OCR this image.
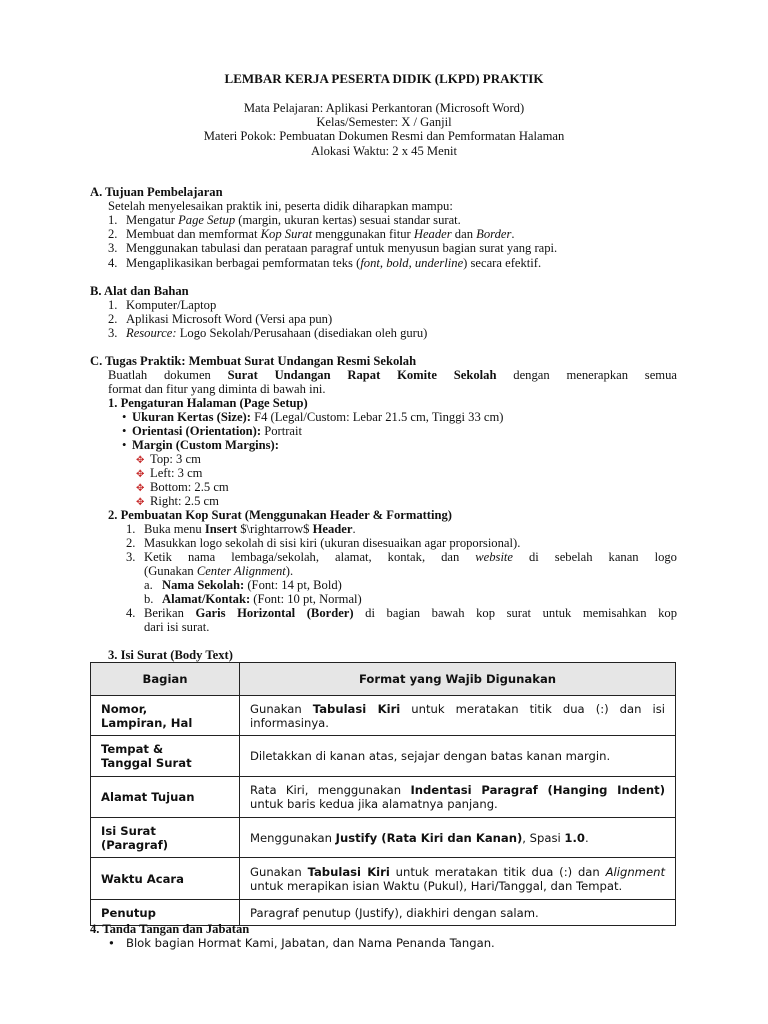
LEMBAR KERJA PESERTA DIDIK (LKPD) PRAKTIK
Mata Pelajaran: Aplikasi Perkantoran (Microsoft Word)
Kelas/Semester: X / Ganjil
Materi Pokok: Pembuatan Dokumen Resmi dan Pemformatan Halaman
Alokasi Waktu: 2 x 45 Menit
A. Tujuan Pembelajaran
Setelah menyelesaikan praktik ini, peserta didik diharapkan mampu:
1. Mengatur Page Setup (margin, ukuran kertas) sesuai standar surat.
2. Membuat dan memformat Kop Surat menggunakan fitur Header dan Border.
3. Menggunakan tabulasi dan perataan paragraf untuk menyusun bagian surat yang rapi.
4. Mengaplikasikan berbagai pemformatan teks (font, bold, underline) secara efektif.
B. Alat dan Bahan
1. Komputer/Laptop
2. Aplikasi Microsoft Word (Versi apa pun)
3. Resource: Logo Sekolah/Perusahaan (disediakan oleh guru)
C. Tugas Praktik: Membuat Surat Undangan Resmi Sekolah
Buatlah dokumen Surat Undangan Rapat Komite Sekolah dengan menerapkan semua
format dan fitur yang diminta di bawah ini.
1. Pengaturan Halaman (Page Setup)
• Ukuran Kertas (Size): F4 (Legal/Custom: Lebar 21.5 cm, Tinggi 33 cm)
• Orientasi (Orientation): Portrait
• Margin (Custom Margins):
✥ Top: 3 cm
✥ Left: 3 cm
✥ Bottom: 2.5 cm
✥ Right: 2.5 cm
2. Pembuatan Kop Surat (Menggunakan Header & Formatting)
1. Buka menu Insert $\rightarrow$ Header.
2. Masukkan logo sekolah di sisi kiri (ukuran disesuaikan agar proporsional).
3. Ketik nama lembaga/sekolah, alamat, kontak, dan website di sebelah kanan logo
(Gunakan Center Alignment).
a. Nama Sekolah: (Font: 14 pt, Bold)
b. Alamat/Kontak: (Font: 10 pt, Normal)
4. Berikan Garis Horizontal (Border) di bagian bawah kop surat untuk memisahkan kop
dari isi surat.
3. Isi Surat (Body Text)
Bagian	Format yang Wajib Digunakan
Nomor,
Lampiran, Hal	Gunakan Tabulasi Kiri untuk meratakan titik dua (:) dan isi informasinya.
Tempat &
Tanggal Surat	Diletakkan di kanan atas, sejajar dengan batas kanan margin.
Alamat Tujuan	Rata Kiri, menggunakan Indentasi Paragraf (Hanging Indent) untuk baris kedua jika alamatnya panjang.
Isi Surat
(Paragraf)	Menggunakan Justify (Rata Kiri dan Kanan), Spasi 1.0.
Waktu Acara	Gunakan Tabulasi Kiri untuk meratakan titik dua (:) dan Alignment untuk merapikan isian Waktu (Pukul), Hari/Tanggal, dan Tempat.
Penutup	Paragraf penutup (Justify), diakhiri dengan salam.
4. Tanda Tangan dan Jabatan
• Blok bagian Hormat Kami, Jabatan, dan Nama Penanda Tangan.
